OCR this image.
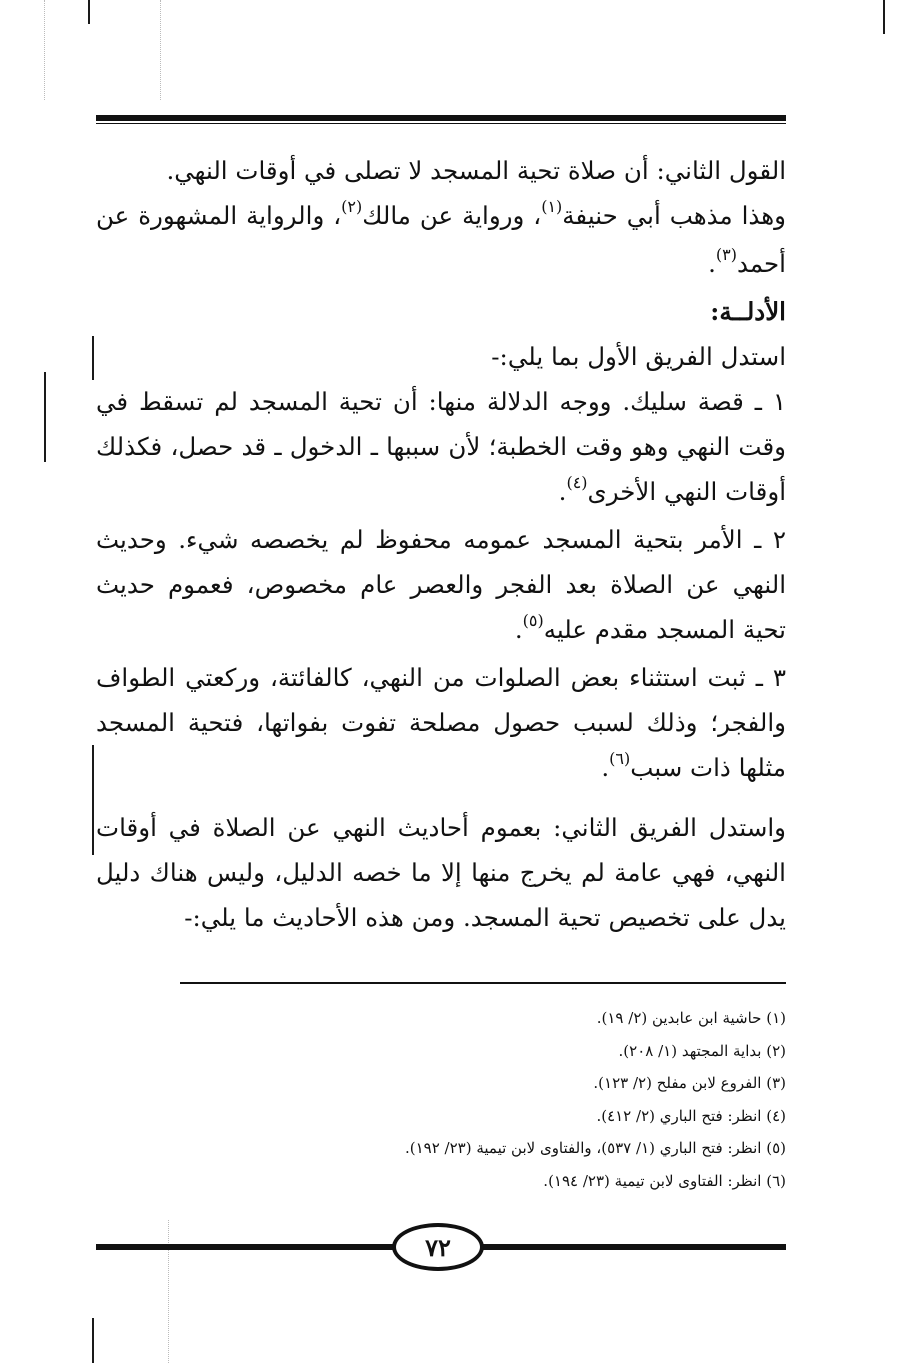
القول الثاني: أن صلاة تحية المسجد لا تصلى في أوقات النهي.
وهذا مذهب أبي حنيفة$^{(١)}$، ورواية عن مالك$^{(٢)}$، والرواية المشهورة عن أحمد$^{(٣)}$.

الأدلــة:

استدل الفريق الأول بما يلي:-

١ ـ قصة سليك. ووجه الدلالة منها: أن تحية المسجد لم تسقط في وقت النهي وهو وقت الخطبة؛ لأن سببها ـ الدخول ـ قد حصل، فكذلك أوقات النهي الأخرى$^{(٤)}$.

٢ ـ الأمر بتحية المسجد عمومه محفوظ لم يخصصه شيء. وحديث النهي عن الصلاة بعد الفجر والعصر عام مخصوص، فعموم حديث تحية المسجد مقدم عليه$^{(٥)}$.

٣ ـ ثبت استثناء بعض الصلوات من النهي، كالفائتة، وركعتي الطواف والفجر؛ وذلك لسبب حصول مصلحة تفوت بفواتها، فتحية المسجد مثلها ذات سبب$^{(٦)}$.

واستدل الفريق الثاني: بعموم أحاديث النهي عن الصلاة في أوقات النهي، فهي عامة لم يخرج منها إلا ما خصه الدليل، وليس هناك دليل يدل على تخصيص تحية المسجد. ومن هذه الأحاديث ما يلي:-

(١) حاشية ابن عابدين (٢/ ١٩).

(٢) بداية المجتهد (١/ ٢٠٨).

(٣) الفروع لابن مفلح (٢/ ١٢٣).

(٤) انظر: فتح الباري (٢/ ٤١٢).

(٥) انظر: فتح الباري (١/ ٥٣٧)، والفتاوى لابن تيمية (٢٣/ ١٩٢).

(٦) انظر: الفتاوى لابن تيمية (٢٣/ ١٩٤).

٧٢
